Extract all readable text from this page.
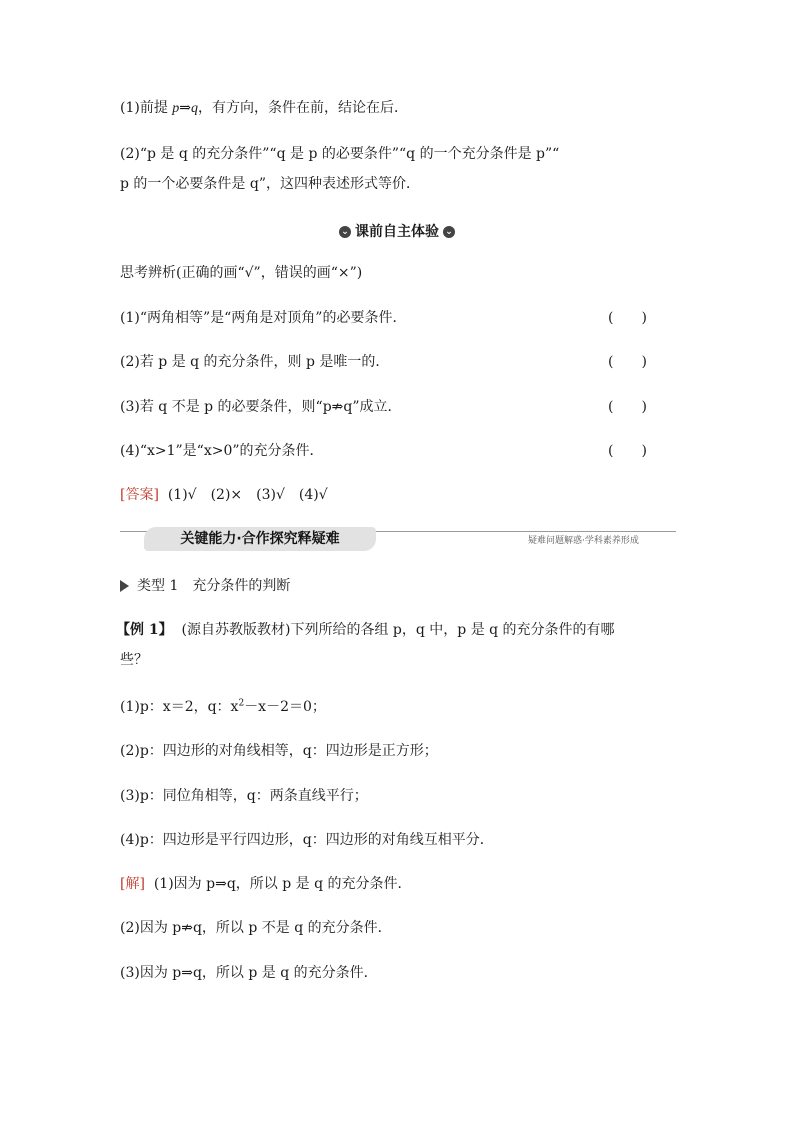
(1)前提 p⇒q，有方向，条件在前，结论在后．
(2)“p 是 q 的充分条件”“q 是 p 的必要条件”“q 的一个充分条件是 p”“
p 的一个必要条件是 q”，这四种表述形式等价．
⌄ 课前自主体验 ⌄
思考辨析(正确的画“√”，错误的画“×”)
(1)“两角相等”是“两角是对顶角”的必要条件．	(　　)
(2)若 p 是 q 的充分条件，则 p 是唯一的．	(　　)
(3)若 q 不是 p 的必要条件，则“p⇏q”成立．	(　　)
(4)“x>1”是“x>0”的充分条件．	(　　)
[答案] (1)√　(2)×　(3)√　(4)√
关键能力·合作探究释疑难	疑难问题解惑·学科素养形成
类型 1　充分条件的判断
【例 1】 (源自苏教版教材)下列所给的各组 p，q 中，p 是 q 的充分条件的有哪
些？
(1)p：x＝2，q：$x^2-x-2=0$；
(2)p：四边形的对角线相等，q：四边形是正方形；
(3)p：同位角相等，q：两条直线平行；
(4)p：四边形是平行四边形，q：四边形的对角线互相平分．
[解] (1)因为 p⇒q，所以 p 是 q 的充分条件．
(2)因为 p⇏q，所以 p 不是 q 的充分条件．
(3)因为 p⇒q，所以 p 是 q 的充分条件．
